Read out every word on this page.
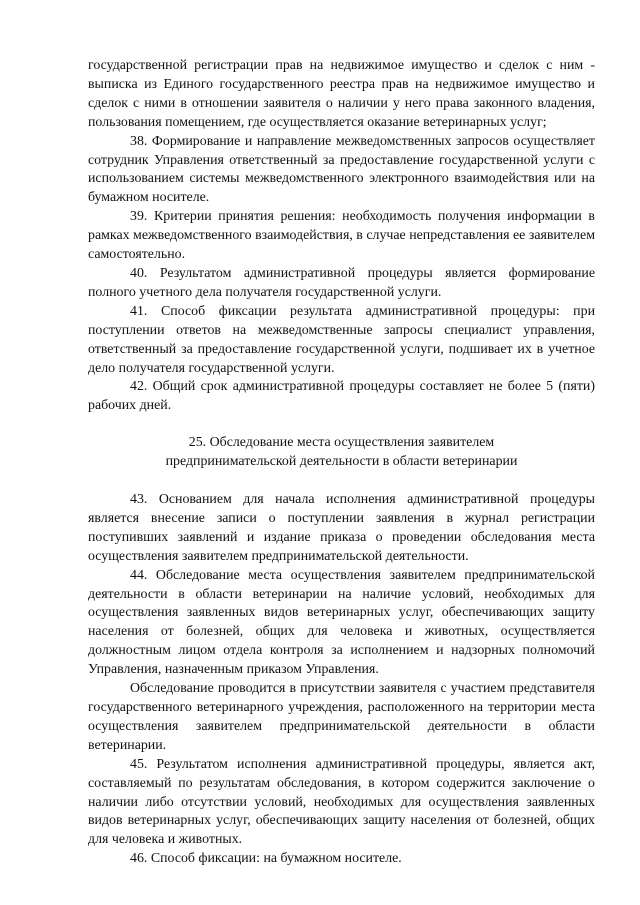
государственной регистрации прав на недвижимое имущество и сделок с ним - выписка из Единого государственного реестра прав на недвижимое имущество и сделок с ними в отношении заявителя о наличии у него права законного владения, пользования помещением, где осуществляется оказание ветеринарных услуг;

38. Формирование и направление межведомственных запросов осуществляет сотрудник Управления ответственный за предоставление государственной услуги с использованием системы межведомственного электронного взаимодействия или на бумажном носителе.

39. Критерии принятия решения: необходимость получения информации в рамках межведомственного взаимодействия, в случае непредставления ее заявителем самостоятельно.

40. Результатом административной процедуры является формирование полного учетного дела получателя государственной услуги.

41. Способ фиксации результата административной процедуры: при поступлении ответов на межведомственные запросы специалист управления, ответственный за предоставление государственной услуги, подшивает их в учетное дело получателя государственной услуги.

42. Общий срок административной процедуры составляет не более 5 (пяти) рабочих дней.

25. Обследование места осуществления заявителем
предпринимательской деятельности в области ветеринарии

43. Основанием для начала исполнения административной процедуры является внесение записи о поступлении заявления в журнал регистрации поступивших заявлений и издание приказа о проведении обследования места осуществления заявителем предпринимательской деятельности.

44. Обследование места осуществления заявителем предпринимательской деятельности в области ветеринарии на наличие условий, необходимых для осуществления заявленных видов ветеринарных услуг, обеспечивающих защиту населения от болезней, общих для человека и животных, осуществляется должностным лицом отдела контроля за исполнением и надзорных полномочий Управления, назначенным приказом Управления.

Обследование проводится в присутствии заявителя с участием представителя государственного ветеринарного учреждения, расположенного на территории места осуществления заявителем предпринимательской деятельности в области ветеринарии.

45. Результатом исполнения административной процедуры, является акт, составляемый по результатам обследования, в котором содержится заключение о наличии либо отсутствии условий, необходимых для осуществления заявленных видов ветеринарных услуг, обеспечивающих защиту населения от болезней, общих для человека и животных.

46. Способ фиксации: на бумажном носителе.
